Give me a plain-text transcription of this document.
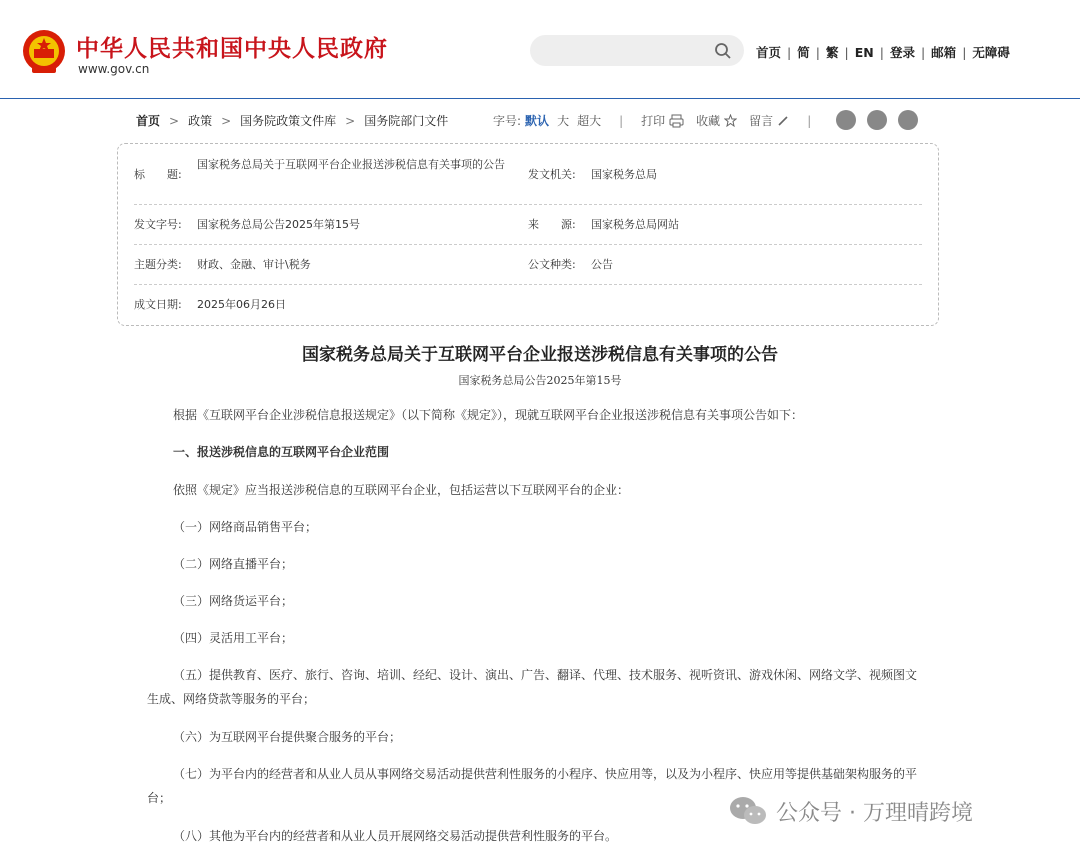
中华人民共和国中央人民政府
www.gov.cn
首页 | 简 | 繁 | EN | 登录 | 邮箱 | 无障碍
首页 > 政策 > 国务院政策文件库 > 国务院部门文件	字号: 默认 大 超大 | 打印	收藏 留言	|
标　　题:
国家税务总局关于互联网平台企业报送涉税信息有关事项的公告
发文机关: 国家税务总局
发文字号: 国家税务总局公告2025年第15号	来　　源: 国家税务总局网站
主题分类: 财政、金融、审计\税务	公文种类: 公告
成文日期: 2025年06月26日
国家税务总局关于互联网平台企业报送涉税信息有关事项的公告
国家税务总局公告2025年第15号
根据《互联网平台企业涉税信息报送规定》（以下简称《规定》），现就互联网平台企业报送涉税信息有关事项公告如下：
一、报送涉税信息的互联网平台企业范围
依照《规定》应当报送涉税信息的互联网平台企业，包括运营以下互联网平台的企业：
（一）网络商品销售平台；
（二）网络直播平台；
（三）网络货运平台；
（四）灵活用工平台；
（五）提供教育、医疗、旅行、咨询、培训、经纪、设计、演出、广告、翻译、代理、技术服务、视听资讯、游戏休闲、网络文学、视频图文生成、网络贷款等服务的平台；
（六）为互联网平台提供聚合服务的平台；
（七）为平台内的经营者和从业人员从事网络交易活动提供营利性服务的小程序、快应用等，以及为小程序、快应用等提供基础架构服务的平台；
（八）其他为平台内的经营者和从业人员开展网络交易活动提供营利性服务的平台。
公众号 · 万理晴跨境
